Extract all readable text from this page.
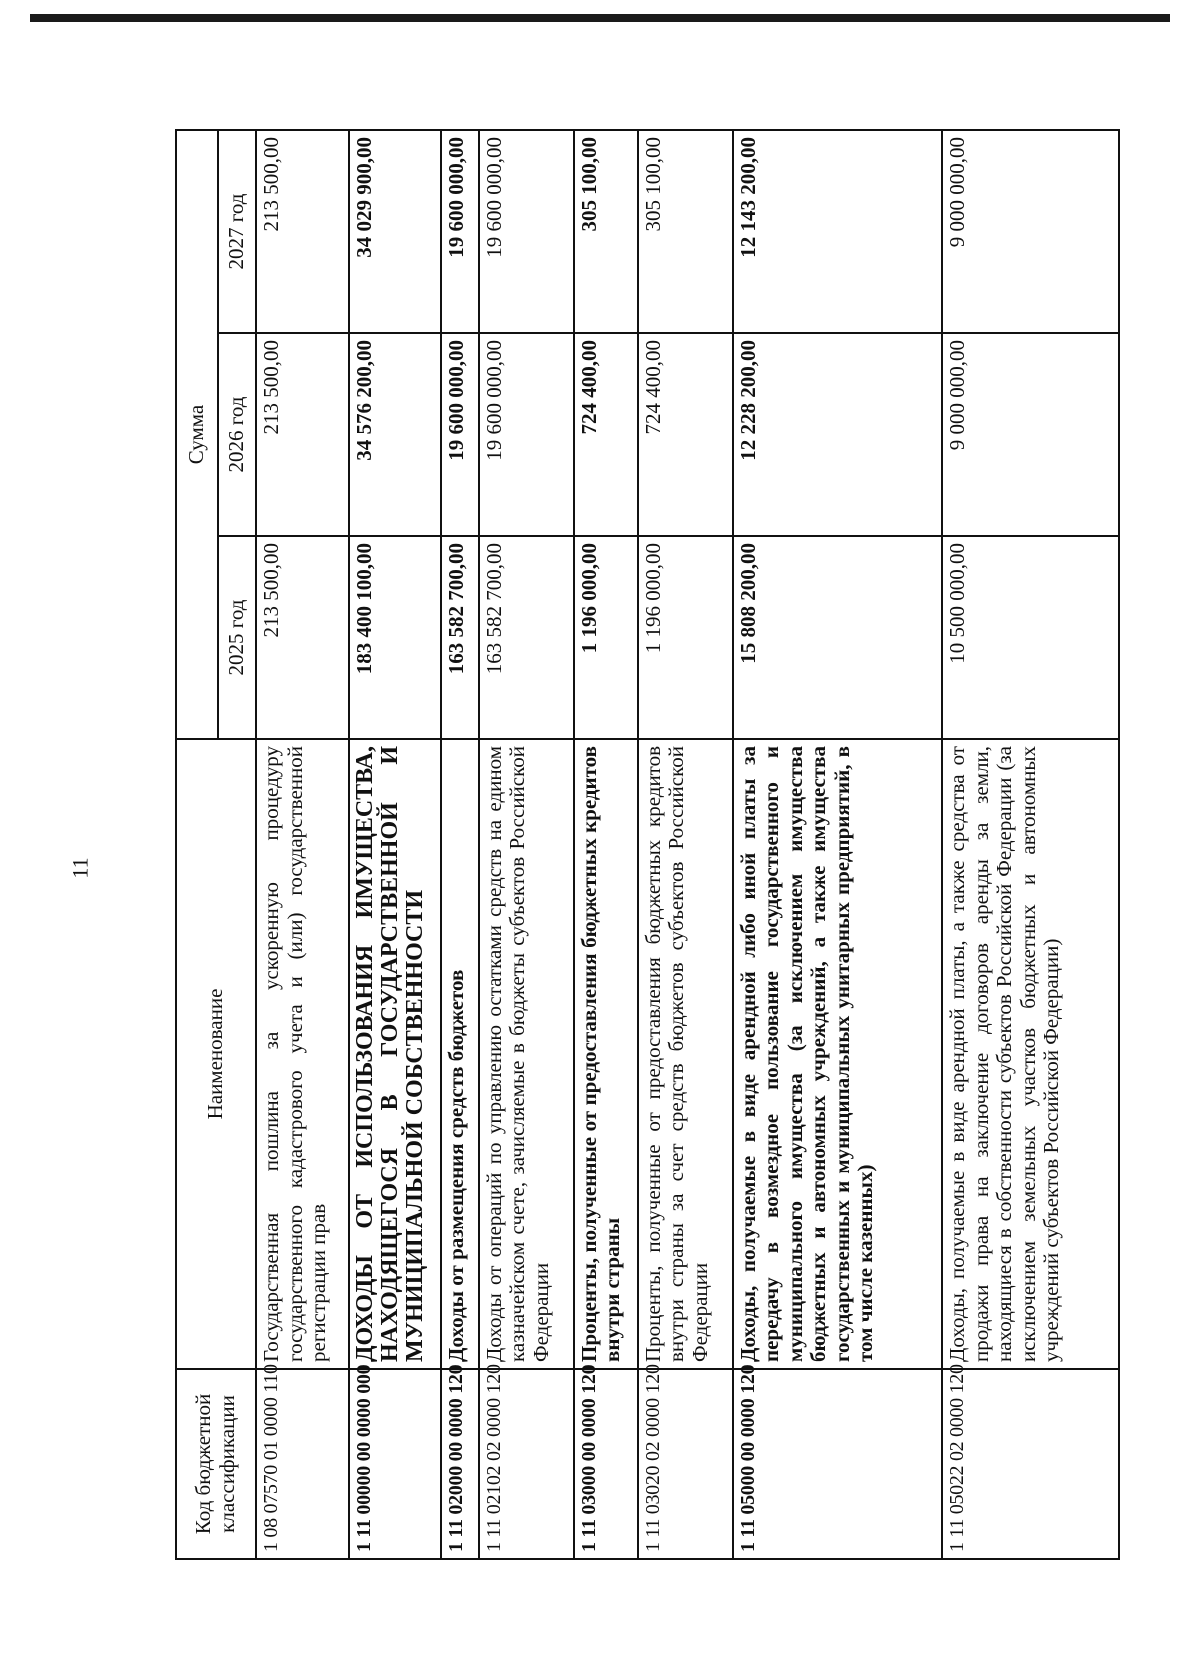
11
Код бюджетной классификации	Наименование	Сумма		
		2025 год	2026 год	2027 год
1 08 07570 01 0000 110	Государственная пошлина за ускоренную процедуру государственного кадастрового учета и (или) государственной регистрации прав	213 500,00	213 500,00	213 500,00
1 11 00000 00 0000 000	ДОХОДЫ ОТ ИСПОЛЬЗОВАНИЯ ИМУЩЕСТВА, НАХОДЯЩЕГОСЯ В ГОСУДАРСТВЕННОЙ И МУНИЦИПАЛЬНОЙ СОБСТВЕННОСТИ	183 400 100,00	34 576 200,00	34 029 900,00
1 11 02000 00 0000 120	Доходы от размещения средств бюджетов	163 582 700,00	19 600 000,00	19 600 000,00
1 11 02102 02 0000 120	Доходы от операций по управлению остатками средств на едином казначейском счете, зачисляемые в бюджеты субъектов Российской Федерации	163 582 700,00	19 600 000,00	19 600 000,00
1 11 03000 00 0000 120	Проценты, полученные от предоставления бюджетных кредитов внутри страны	1 196 000,00	724 400,00	305 100,00
1 11 03020 02 0000 120	Проценты, полученные от предоставления бюджетных кредитов внутри страны за счет средств бюджетов субъектов Российской Федерации	1 196 000,00	724 400,00	305 100,00
1 11 05000 00 0000 120	Доходы, получаемые в виде арендной либо иной платы за передачу в возмездное пользование государственного и муниципального имущества (за исключением имущества бюджетных и автономных учреждений, а также имущества государственных и муниципальных унитарных предприятий, в том числе казенных)	15 808 200,00	12 228 200,00	12 143 200,00
1 11 05022 02 0000 120	Доходы, получаемые в виде арендной платы, а также средства от продажи права на заключение договоров аренды за земли, находящиеся в собственности субъектов Российской Федерации (за исключением земельных участков бюджетных и автономных учреждений субъектов Российской Федерации)	10 500 000,00	9 000 000,00	9 000 000,00
